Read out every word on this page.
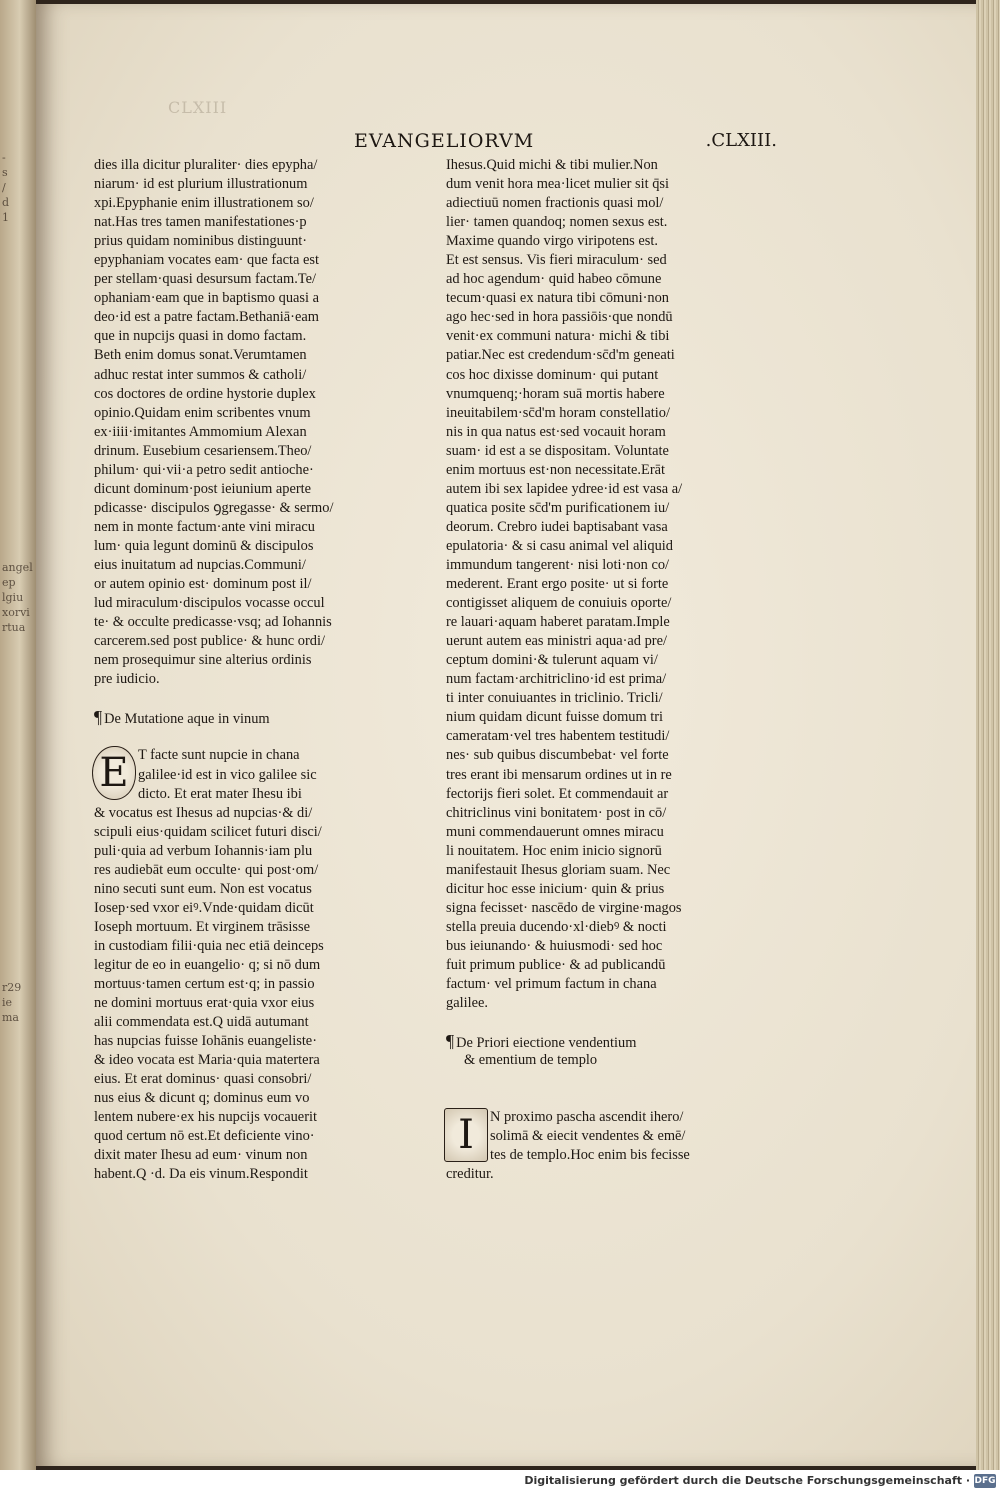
-
s
/
d
1
angel
ep
lgiu
xorvi
rtua
r29
ie
ma
CLXIII
EVANGELIORVM	.CLXIII.
dies illa dicitur pluraliter· dies epypha/
niarum· id est plurium illustrationum
xpi.Epyphanie enim illustrationem so/
nat.Has tres tamen manifestationes·p
prius quidam nominibus distinguunt·
epyphaniam vocates eam· que facta est
per stellam·quasi desursum factam.Te/
ophaniam·eam que in baptismo quasi a
deo·id est a patre factam.Bethaniā·eam
que in nupcijs quasi in domo factam.
Beth enim domus sonat.Verumtamen
adhuc restat inter summos & catholi/
cos doctores de ordine hystorie duplex
opinio.Quidam enim scribentes vnum
ex·iiii·imitantes Ammomium Alexan
drinum. Eusebium cesariensem.Theo/
philum· qui·vii·a petro sedit antioche·
dicunt dominum·post ieiunium aperte
pdicasse· discipulos ꝯgregasse· & sermo/
nem in monte factum·ante vini miracu
lum· quia legunt dominū & discipulos
eius inuitatum ad nupcias.Communi/
or autem opinio est· dominum post il/
lud miraculum·discipulos vocasse occul
te· & occulte predicasse·vsq; ad Iohannis
carcerem.sed post publice· & hunc ordi/
nem prosequimur sine alterius ordinis
pre iudicio.
¶ De Mutatione aque in vinum
E T facte sunt nupcie in chana
galilee·id est in vico galilee sic
dicto. Et erat mater Ihesu ibi
& vocatus est Ihesus ad nupcias·& di/
scipuli eius·quidam scilicet futuri disci/
puli·quia ad verbum Iohannis·iam plu
res audiebāt eum occulte· qui post·om/
nino secuti sunt eum. Non est vocatus
Iosep·sed vxor eiꝰ.Vnde·quidam dicūt
Ioseph mortuum. Et virginem trāsisse
in custodiam filii·quia nec etiā deinceps
legitur de eo in euangelio· q; si nō dum
mortuus·tamen certum est·q; in passio
ne domini mortuus erat·quia vxor eius
alii commendata est.Q uidā autumant
has nupcias fuisse Iohānis euangeliste·
& ideo vocata est Maria·quia matertera
eius. Et erat dominus· quasi consobri/
nus eius & dicunt q; dominus eum vo
lentem nubere·ex his nupcijs vocauerit
quod certum nō est.Et deficiente vino·
dixit mater Ihesu ad eum· vinum non
habent.Q ·d. Da eis vinum.Respondit
Ihesus.Quid michi & tibi mulier.Non
dum venit hora mea·licet mulier sit q̄si
adiectiuū nomen fractionis quasi mol/
lier· tamen quandoq; nomen sexus est.
Maxime quando virgo viripotens est.
Et est sensus. Vis fieri miraculum· sed
ad hoc agendum· quid habeo cōmune
tecum·quasi ex natura tibi cōmuni·non
ago hec·sed in hora passiōis·que nondū
venit·ex communi natura· michi & tibi
patiar.Nec est credendum·sc̄d'm geneati
cos hoc dixisse dominum· qui putant
vnumquenq;·horam suā mortis habere
ineuitabilem·sc̄d'm horam constellatio/
nis in qua natus est·sed vocauit horam
suam· id est a se dispositam. Voluntate
enim mortuus est·non necessitate.Erāt
autem ibi sex lapidee ydree·id est vasa a/
quatica posite sc̄d'm purificationem iu/
deorum. Crebro iudei baptisabant vasa
epulatoria· & si casu animal vel aliquid
immundum tangerent· nisi loti·non co/
mederent. Erant ergo posite· ut si forte
contigisset aliquem de conuiuis oporte/
re lauari·aquam haberet paratam.Imple
uerunt autem eas ministri aqua·ad pre/
ceptum domini·& tulerunt aquam vi/
num factam·architriclino·id est prima/
ti inter conuiuantes in triclinio. Tricli/
nium quidam dicunt fuisse domum tri
cameratam·vel tres habentem testitudi/
nes· sub quibus discumbebat· vel forte
tres erant ibi mensarum ordines ut in re
fectorijs fieri solet. Et commendauit ar
chitriclinus vini bonitatem· post in cō/
muni commendauerunt omnes miracu
li nouitatem. Hoc enim inicio signorū
manifestauit Ihesus gloriam suam. Nec
dicitur hoc esse inicium· quin & prius
signa fecisset· nascēdo de virgine·magos
stella preuia ducendo·xl·diebꝰ & nocti
bus ieiunando· & huiusmodi· sed hoc
fuit primum publice· & ad publicandū
factum· vel primum factum in chana
galilee.
¶ De Priori eiectione vendentium
& ementium de templo
I	N proximo pascha ascendit ihero/
solimā & eiecit vendentes & emē/
tes de templo.Hoc enim bis fecisse
creditur.
Digitalisierung gefördert durch die Deutsche Forschungsgemeinschaft · DFG
